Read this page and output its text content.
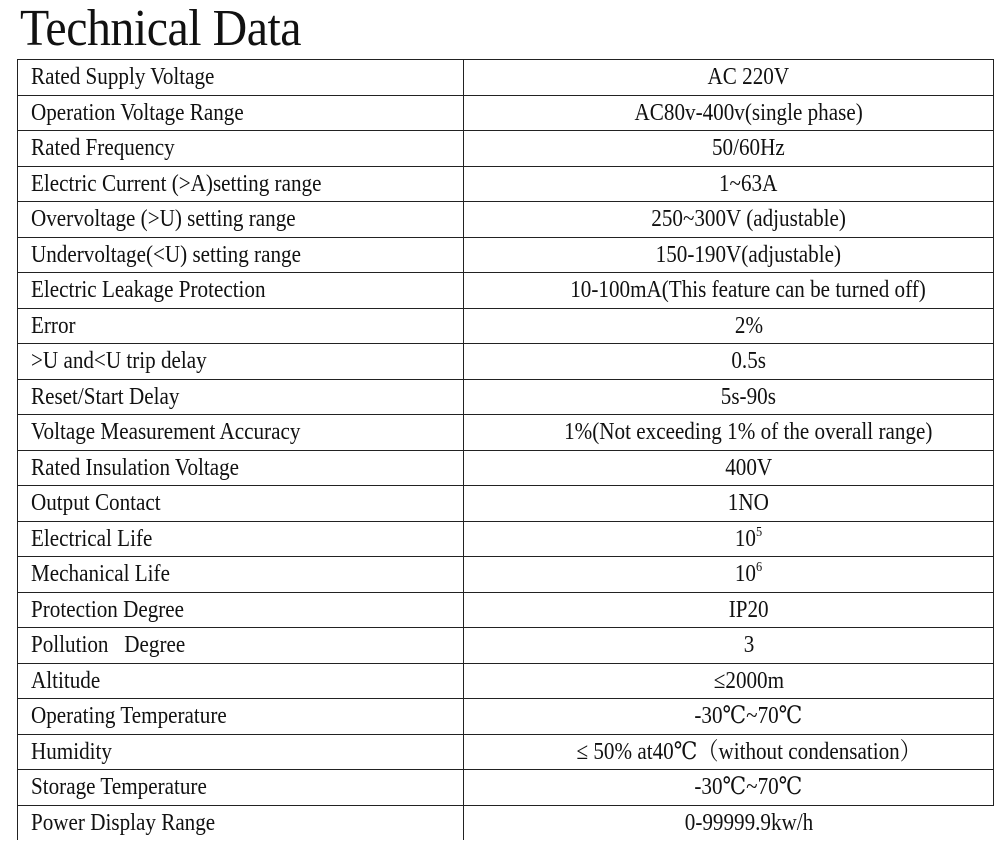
Technical Data
Rated Supply Voltage	AC 220V
Operation Voltage Range	AC80v-400v(single phase)
Rated Frequency	50/60Hz
Electric Current (>A)setting range	1~63A
Overvoltage (>U) setting range	250~300V (adjustable)
Undervoltage(<U) setting range	150-190V(adjustable)
Electric Leakage Protection	10-100mA(This feature can be turned off)
Error	2%
>U and<U trip delay	0.5s
Reset/Start Delay	5s-90s
Voltage Measurement Accuracy	1%(Not exceeding 1% of the overall range)
Rated Insulation Voltage	400V
Output Contact	1NO
Electrical Life	$10^5$
Mechanical Life	$10^6$
Protection Degree	IP20
Pollution   Degree	3
Altitude	≤2000m
Operating Temperature	-30℃~70℃
Humidity	≤ 50% at40℃（without condensation）
Storage Temperature	-30℃~70℃
Power Display Range	0-99999.9kw/h
